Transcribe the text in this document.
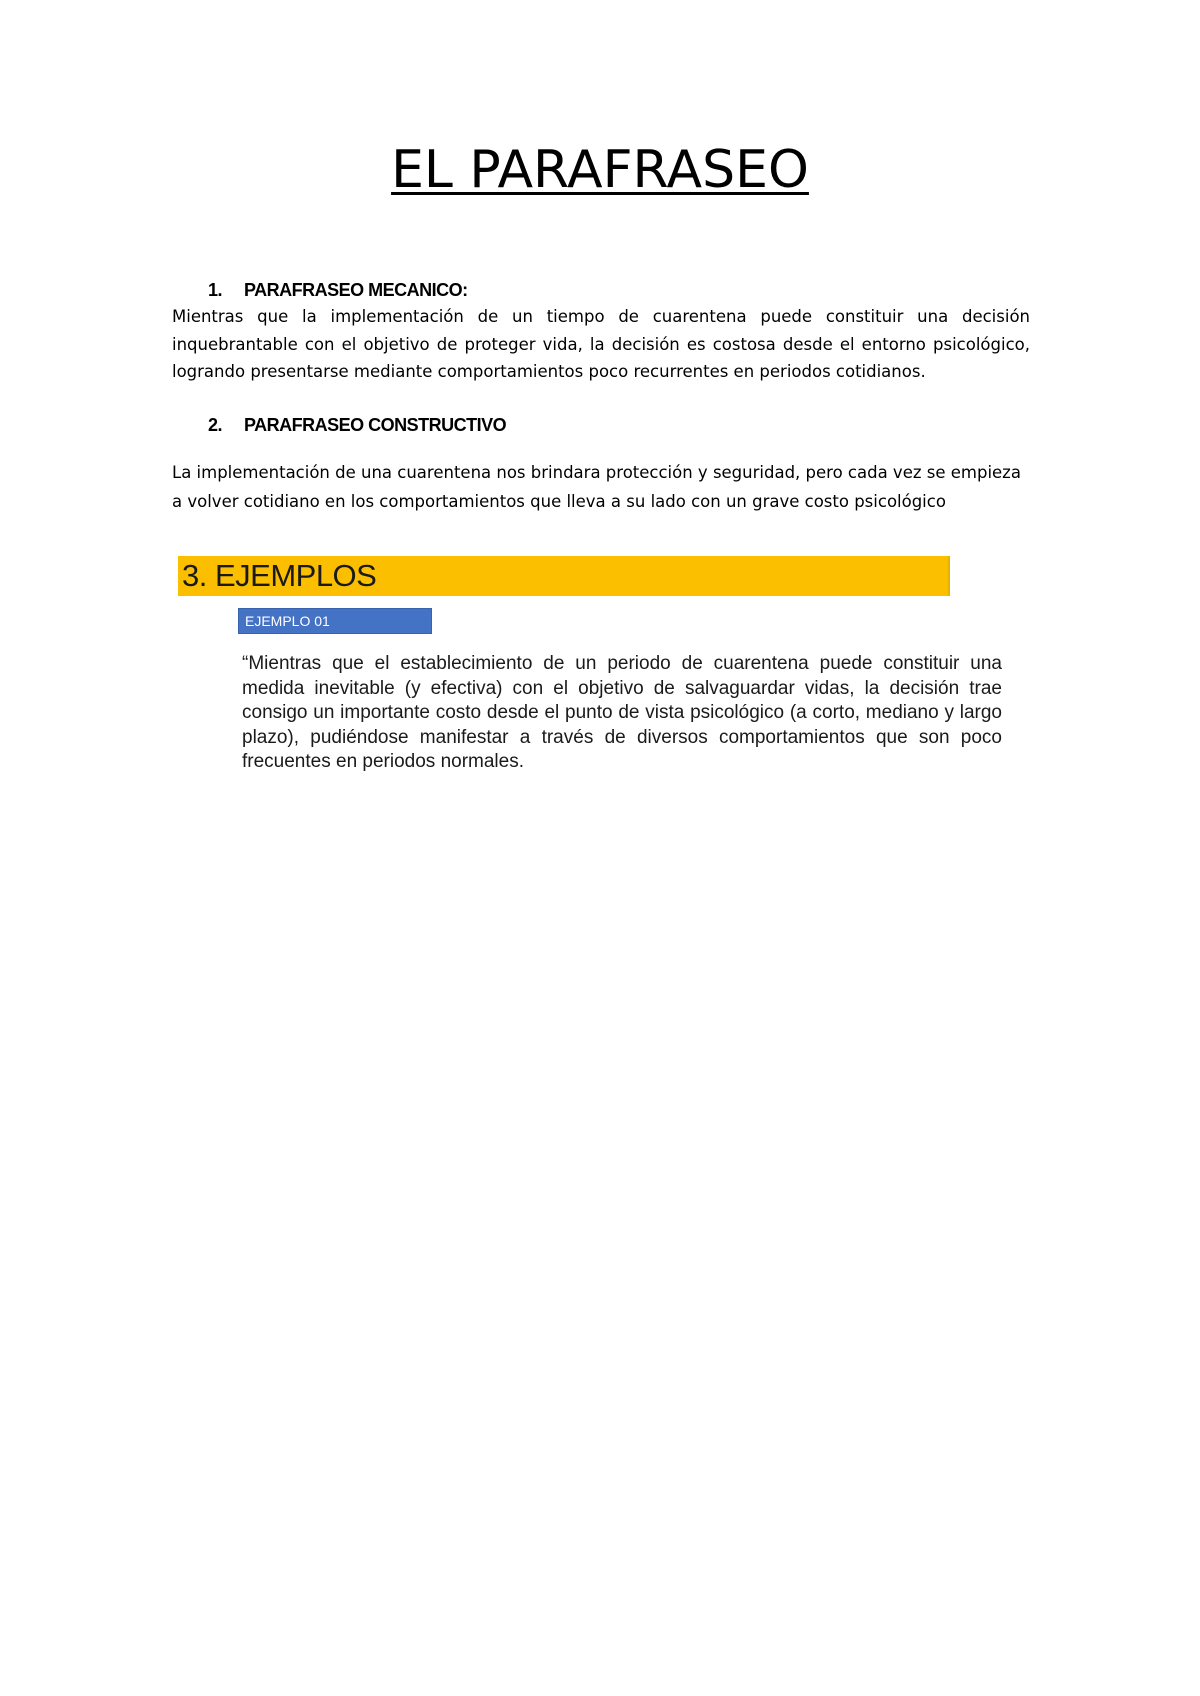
EL PARAFRASEO
1. PARAFRASEO MECANICO:

Mientras que la implementación de un tiempo de cuarentena puede constituir una decisión inquebrantable con el objetivo de proteger vida, la decisión es costosa desde el entorno psicológico, logrando presentarse mediante comportamientos poco recurrentes en periodos cotidianos.

2. PARAFRASEO CONSTRUCTIVO

La implementación de una cuarentena nos brindara protección y seguridad, pero cada vez se empieza a volver cotidiano en los comportamientos que lleva a su lado con un grave costo psicológico

3. EJEMPLOS
EJEMPLO 01

“Mientras que el establecimiento de un periodo de cuarentena puede constituir una medida inevitable (y efectiva) con el objetivo de salvaguardar vidas, la decisión trae consigo un importante costo desde el punto de vista psicológico (a corto, mediano y largo plazo), pudiéndose manifestar a través de diversos comportamientos que son poco frecuentes en periodos normales.
